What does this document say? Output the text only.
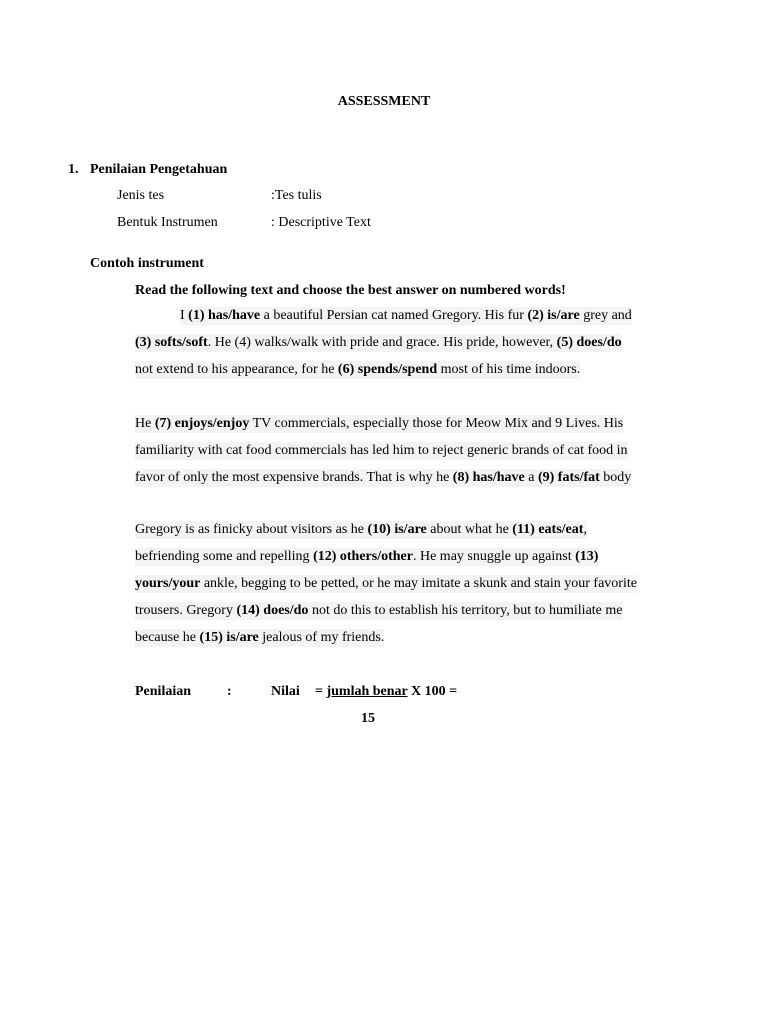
ASSESSMENT
1. Penilaian Pengetahuan
Jenis tes	:Tes tulis
Bentuk Instrumen	: Descriptive Text
Contoh instrument
Read the following text and choose the best answer on numbered words!
I (1) has/have a beautiful Persian cat named Gregory. His fur (2) is/are grey and
(3) softs/soft. He (4) walks/walk with pride and grace. His pride, however, (5) does/do
not extend to his appearance, for he (6) spends/spend most of his time indoors.
He (7) enjoys/enjoy TV commercials, especially those for Meow Mix and 9 Lives. His
familiarity with cat food commercials has led him to reject generic brands of cat food in
favor of only the most expensive brands. That is why he (8) has/have a (9) fats/fat body
Gregory is as finicky about visitors as he (10) is/are about what he (11) eats/eat,
befriending some and repelling (12) others/other. He may snuggle up against (13)
yours/your ankle, begging to be petted, or he may imitate a skunk and stain your favorite
trousers. Gregory (14) does/do not do this to establish his territory, but to humiliate me
because he (15) is/are jealous of my friends.
Penilaian	:	Nilai = jumlah benar X 100 =
15
